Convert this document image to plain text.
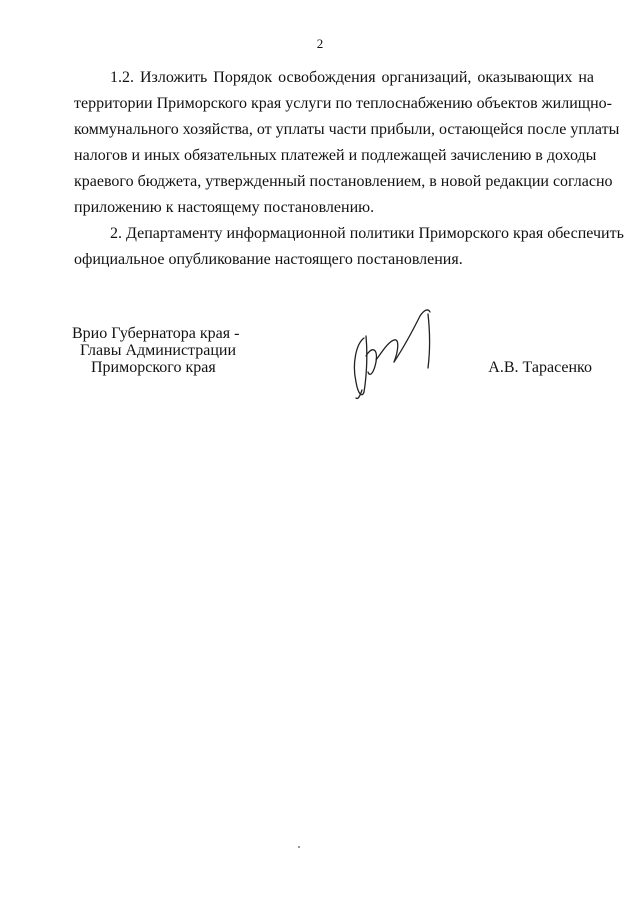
2
1.2. Изложить Порядок освобождения организаций, оказывающих на
территории Приморского края услуги по теплоснабжению объектов жилищно-
коммунального хозяйства, от уплаты части прибыли, остающейся после уплаты
налогов и иных обязательных платежей и подлежащей зачислению в доходы
краевого бюджета, утвержденный постановлением, в новой редакции согласно
приложению к настоящему постановлению.
2. Департаменту информационной политики Приморского края обеспечить
официальное опубликование настоящего постановления.
Врио Губернатора края -
Главы Администрации
Приморского края	А.В. Тарасенко
